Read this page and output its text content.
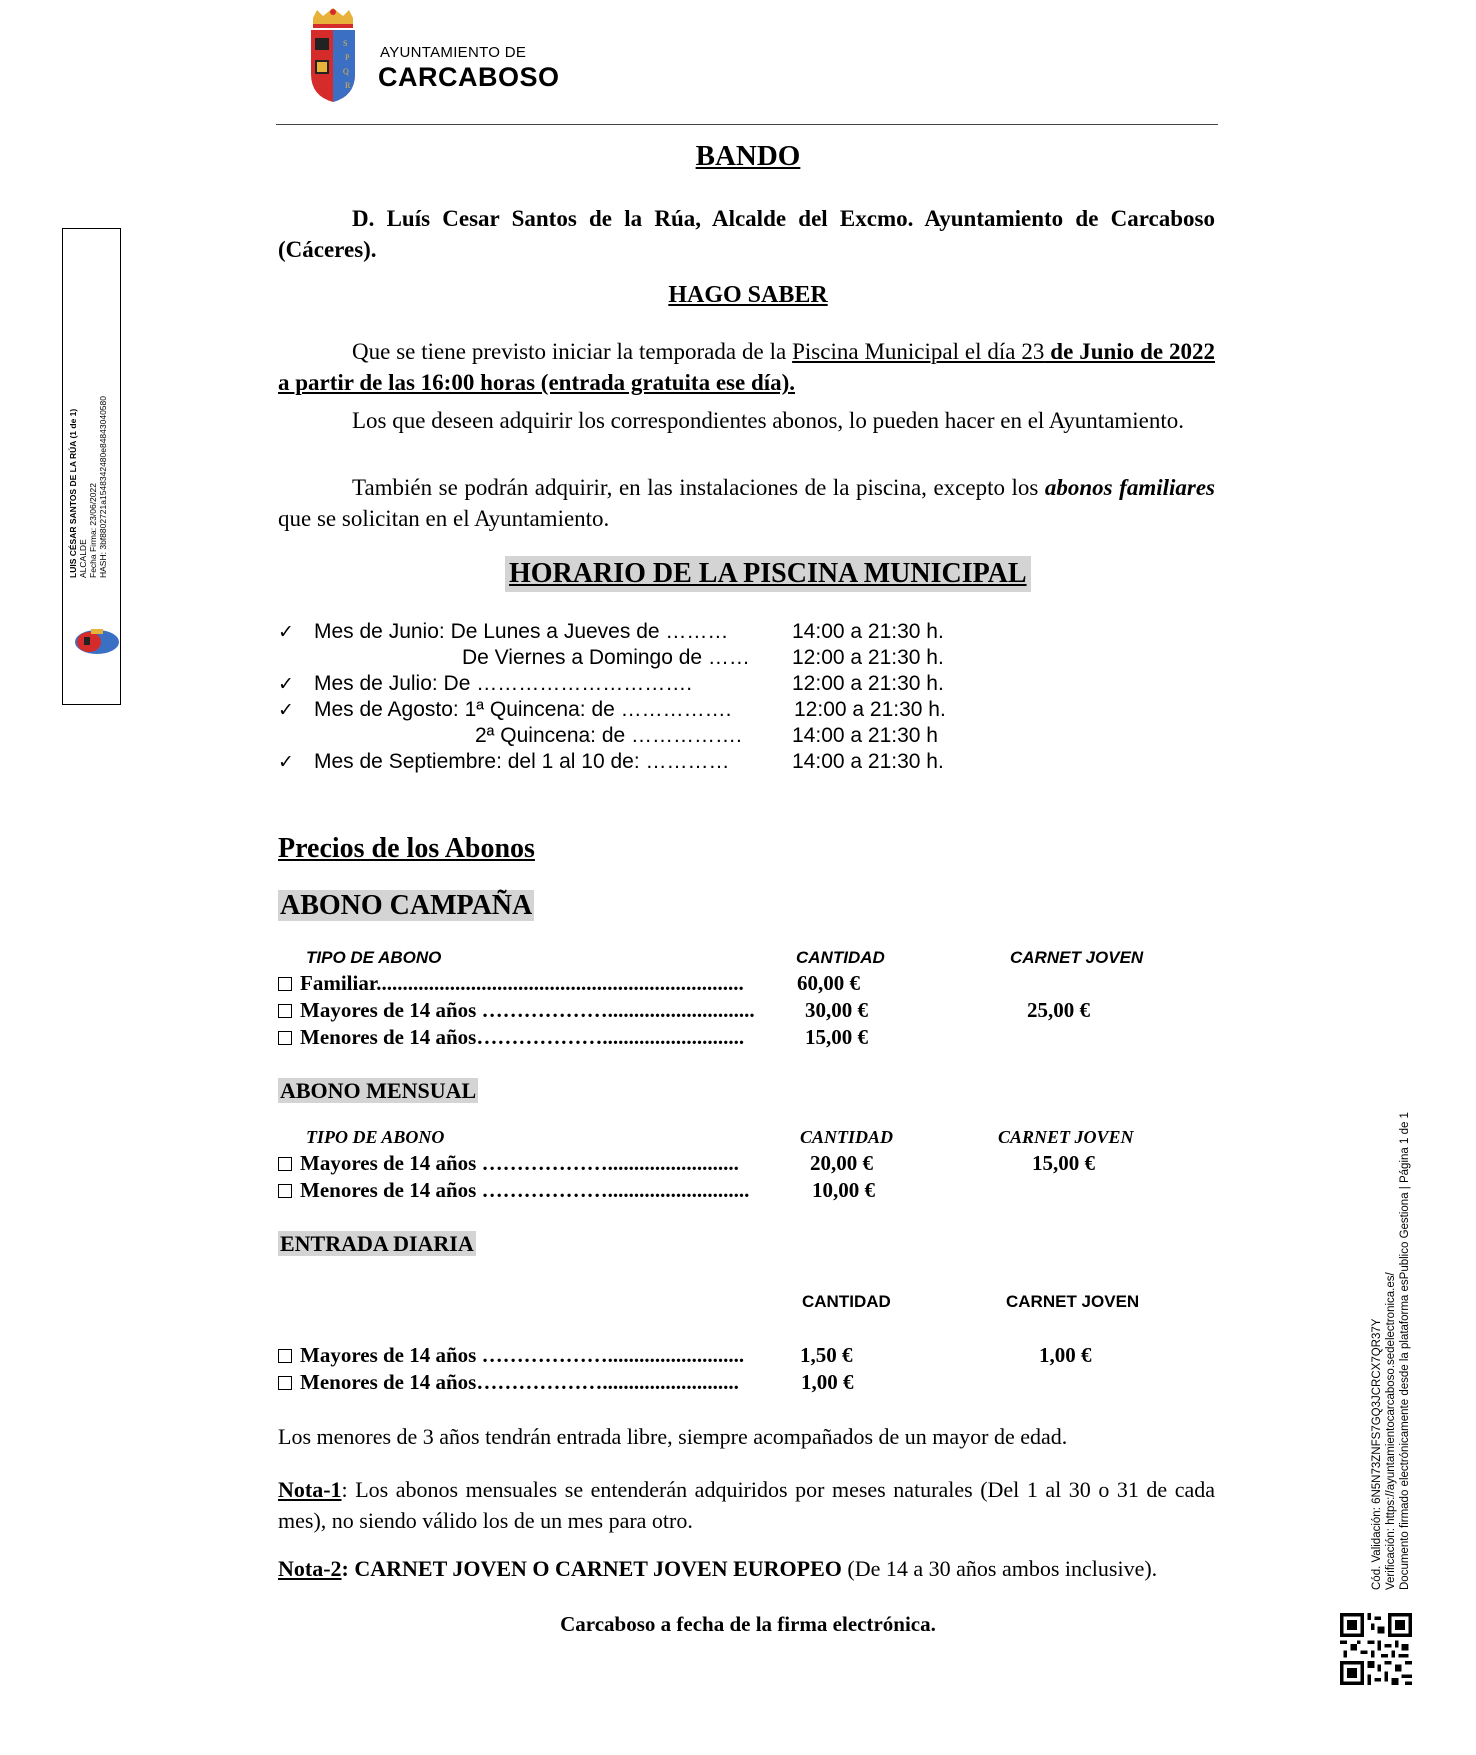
S
P
Q
R
AYUNTAMIENTO DE
CARCABOSO
BANDO
D. Luís Cesar Santos de la Rúa, Alcalde del Excmo. Ayuntamiento de Carcaboso (Cáceres).
HAGO SABER
Que se tiene previsto iniciar la temporada de la Piscina Municipal el día 23 de Junio de 2022 a partir de las 16:00 horas (entrada gratuita ese día).
Los que deseen adquirir los correspondientes abonos, lo pueden hacer en el Ayuntamiento.
También se podrán adquirir, en las instalaciones de la piscina, excepto los abonos familiares que se solicitan en el Ayuntamiento.
HORARIO DE LA PISCINA MUNICIPAL
✓ Mes de Junio: De Lunes a Jueves de ………	14:00 a 21:30 h.
De Viernes a Domingo de …… 12:00 a 21:30 h.
✓ Mes de Julio: De ………………………….	12:00 a 21:30 h.
✓ Mes de Agosto: 1ª Quincena: de …………….	12:00 a 21:30 h.
2ª Quincena: de ……………. 14:00 a 21:30 h
✓ Mes de Septiembre: del 1 al 10 de: …………	14:00 a 21:30 h.
Precios de los Abonos
ABONO CAMPAÑA
TIPO DE ABONO	CANTIDAD	CARNET JOVEN
Familiar......................................................................	60,00 €
Mayores de 14 años ………………............................ 30,00 €	25,00 €
Menores de 14 años………………...........................	15,00 €
ABONO MENSUAL
TIPO DE ABONO	CANTIDAD	CARNET JOVEN
Mayores de 14 años ……………….........................	20,00 €	15,00 €
Menores de 14 años ………………...........................	10,00 €
ENTRADA DIARIA
CANTIDAD	CARNET JOVEN
Mayores de 14 años ………………..........................	1,50 €	1,00 €
Menores de 14 años………………..........................	1,00 €
Los menores de 3 años tendrán entrada libre, siempre acompañados de un mayor de edad.
Nota-1: Los abonos mensuales se entenderán adquiridos por meses naturales (Del 1 al 30 o 31 de cada mes), no siendo válido los de un mes para otro.
Nota-2: CARNET JOVEN O CARNET JOVEN EUROPEO (De 14 a 30 años ambos inclusive).
Carcaboso a fecha de la firma electrónica.
LUIS CÉSAR SANTOS DE LA RÚA (1 de 1) ALCALDE Fecha Firma: 23/06/2022 HASH: 3bf8802721a1548342480e84843040580
Cód. Validación: 6N5N73ZNFS7GQ3JCRCX7QR37Y Verificación: https://ayuntamientocarcaboso.sedelectronica.es/ Documento firmado electrónicamente desde la plataforma esPublico Gestiona | Página 1 de 1
